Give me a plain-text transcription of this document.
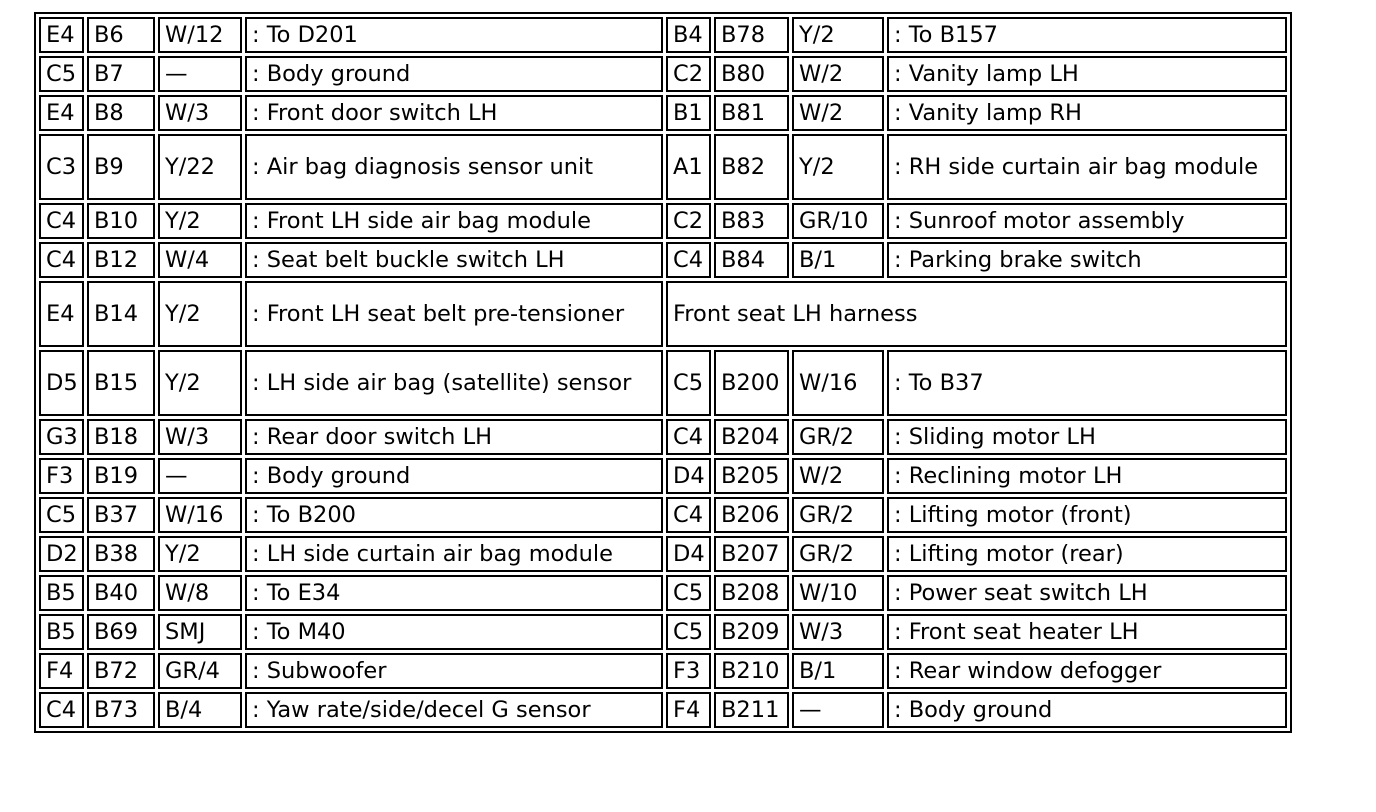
E4	B6	W/12	: To D201	B4	B78	Y/2	: To B157
C5	B7	—	: Body ground	C2	B80	W/2	: Vanity lamp LH
E4	B8	W/3	: Front door switch LH	B1	B81	W/2	: Vanity lamp RH
C3	B9	Y/22	: Air bag diagnosis sensor unit	A1	B82	Y/2	: RH side curtain air bag module
C4	B10	Y/2	: Front LH side air bag module	C2	B83	GR/10	: Sunroof motor assembly
C4	B12	W/4	: Seat belt buckle switch LH	C4	B84	B/1	: Parking brake switch
E4	B14	Y/2	: Front LH seat belt pre-tensioner	Front seat LH harness			
D5	B15	Y/2	: LH side air bag (satellite) sensor	C5	B200	W/16	: To B37
G3	B18	W/3	: Rear door switch LH	C4	B204	GR/2	: Sliding motor LH
F3	B19	—	: Body ground	D4	B205	W/2	: Reclining motor LH
C5	B37	W/16	: To B200	C4	B206	GR/2	: Lifting motor (front)
D2	B38	Y/2	: LH side curtain air bag module	D4	B207	GR/2	: Lifting motor (rear)
B5	B40	W/8	: To E34	C5	B208	W/10	: Power seat switch LH
B5	B69	SMJ	: To M40	C5	B209	W/3	: Front seat heater LH
F4	B72	GR/4	: Subwoofer	F3	B210	B/1	: Rear window defogger
C4	B73	B/4	: Yaw rate/side/decel G sensor	F4	B211	—	: Body ground
